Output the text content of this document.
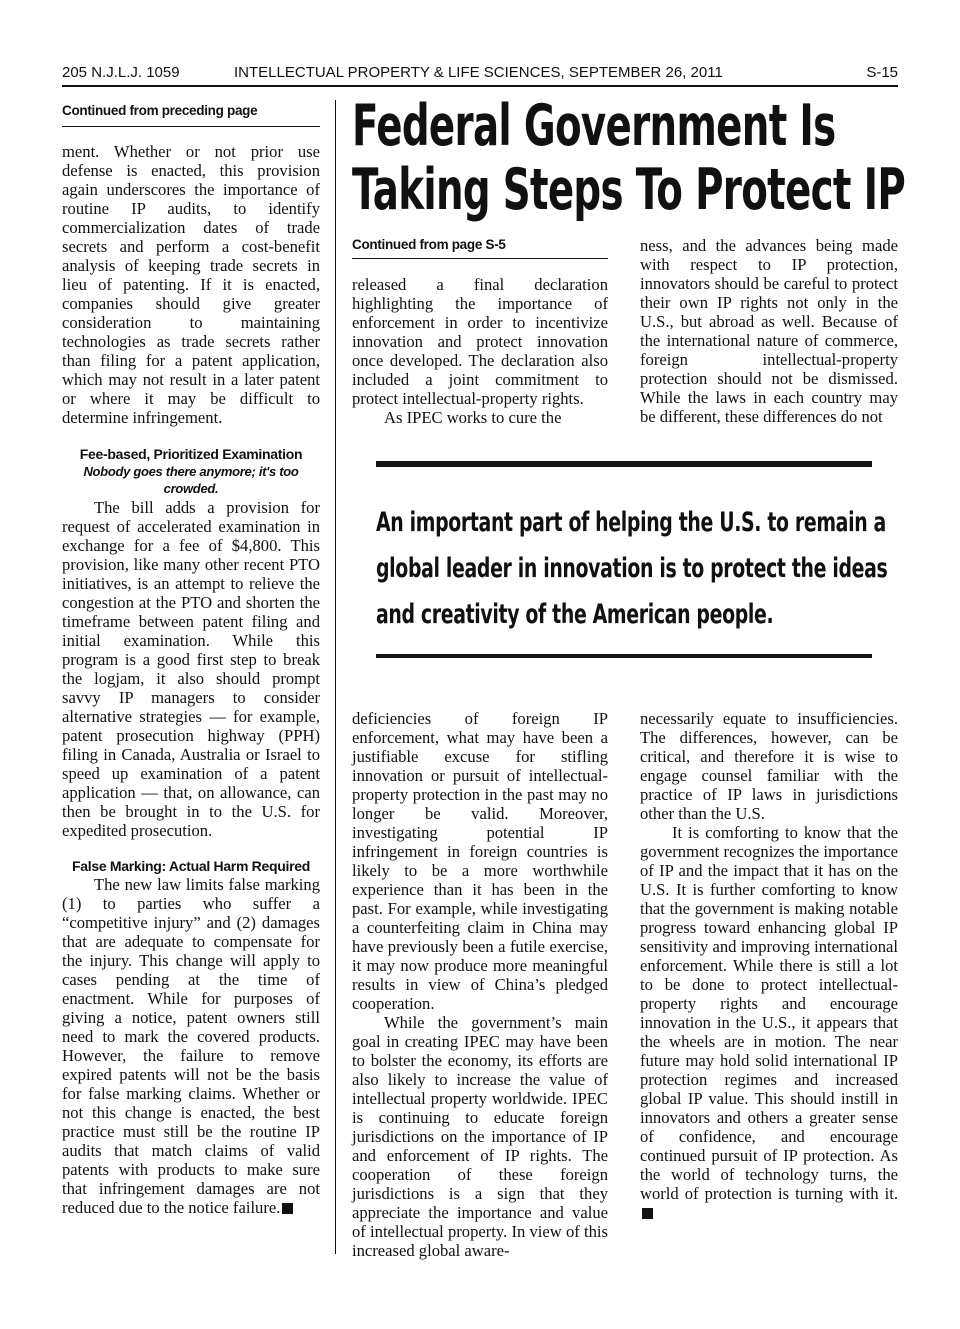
205 N.J.L.J. 1059	INTELLECTUAL PROPERTY & LIFE SCIENCES, SEPTEMBER 26, 2011	S-15
Continued from preceding page

ment. Whether or not prior use defense is enacted, this provision again underscores the importance of routine IP audits, to identify commercialization dates of trade secrets and perform a cost-benefit analysis of keeping trade secrets in lieu of patenting. If it is enacted, companies should give greater consideration to maintaining technologies as trade secrets rather than filing for a patent application, which may not result in a later patent or where it may be difficult to determine infringement.

Fee-based, Prioritized Examination
Nobody goes there anymore; it's too crowded.

The bill adds a provision for request of accelerated examination in exchange for a fee of $4,800. This provision, like many other recent PTO initiatives, is an attempt to relieve the congestion at the PTO and shorten the timeframe between patent filing and initial examination. While this program is a good first step to break the logjam, it also should prompt savvy IP managers to consider alternative strategies — for example, patent prosecution highway (PPH) filing in Canada, Australia or Israel to speed up examination of a patent application — that, on allowance, can then be brought in to the U.S. for expedited prosecution.

False Marking: Actual Harm Required

The new law limits false marking (1) to parties who suffer a “competitive injury” and (2) damages that are adequate to compensate for the injury. This change will apply to cases pending at the time of enactment. While for purposes of giving a notice, patent owners still need to mark the covered products. However, the failure to remove expired patents will not be the basis for false marking claims. Whether or not this change is enacted, the best practice must still be the routine IP audits that match claims of valid patents with products to make sure that infringement damages are not reduced due to the notice failure.

Federal Government Is
Taking Steps To Protect IP
Continued from page S-5

released a final declaration highlighting the importance of enforcement in order to incentivize innovation and protect innovation once developed. The declaration also included a joint commitment to protect intellectual-property rights.

As IPEC works to cure the

ness, and the advances being made with respect to IP protection, innovators should be careful to protect their own IP rights not only in the U.S., but abroad as well. Because of the international nature of commerce, foreign intellectual-property protection should not be dismissed. While the laws in each country may be different, these differences do not

An important part of helping the U.S. to remain a
global leader in innovation is to protect the ideas
and creativity of the American people.

deficiencies of foreign IP enforcement, what may have been a justifiable excuse for stifling innovation or pursuit of intellectual-property protection in the past may no longer be valid. Moreover, investigating potential IP infringement in foreign countries is likely to be a more worthwhile experience than it has been in the past. For example, while investigating a counterfeiting claim in China may have previously been a futile exercise, it may now produce more meaningful results in view of China’s pledged cooperation.

While the government’s main goal in creating IPEC may have been to bolster the economy, its efforts are also likely to increase the value of intellectual property worldwide. IPEC is continuing to educate foreign jurisdictions on the importance of IP and enforcement of IP rights. The cooperation of these foreign jurisdictions is a sign that they appreciate the importance and value of intellectual property. In view of this increased global aware-

necessarily equate to insufficiencies. The differences, however, can be critical, and therefore it is wise to engage counsel familiar with the practice of IP laws in jurisdictions other than the U.S.

It is comforting to know that the government recognizes the importance of IP and the impact that it has on the U.S. It is further comforting to know that the government is making notable progress toward enhancing global IP sensitivity and improving international enforcement. While there is still a lot to be done to protect intellectual-property rights and encourage innovation in the U.S., it appears that the wheels are in motion. The near future may hold solid international IP protection regimes and increased global IP value. This should instill in innovators and others a greater sense of confidence, and encourage continued pursuit of IP protection. As the world of technology turns, the world of protection is turning with it.
